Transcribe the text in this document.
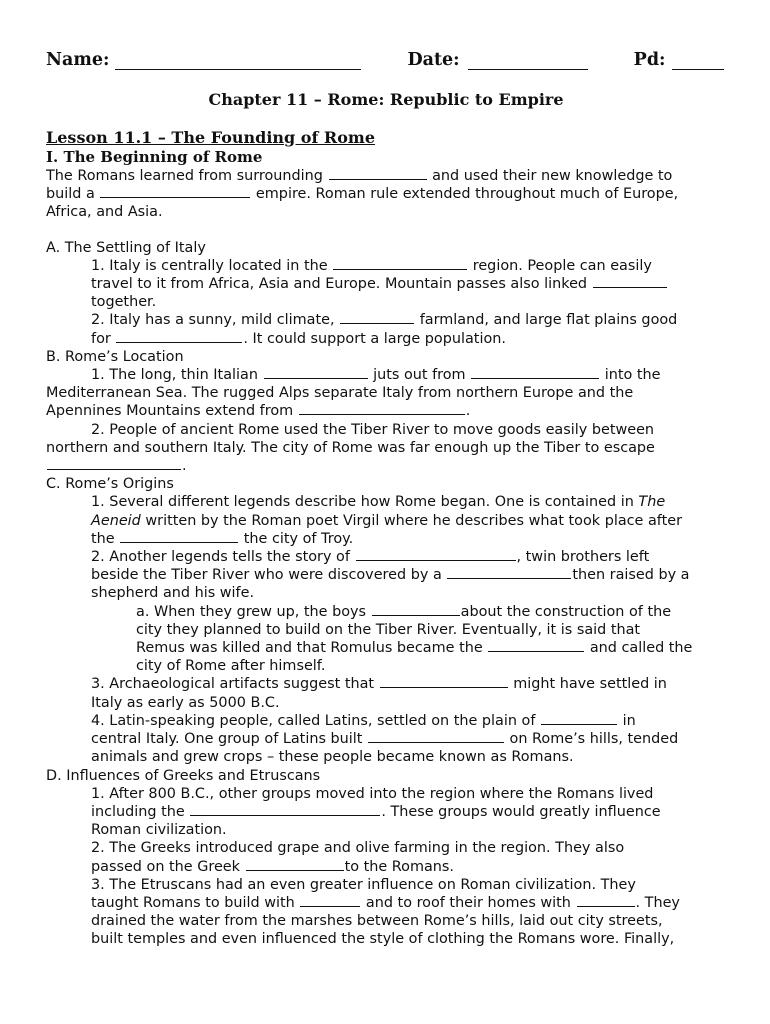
Name:	Date:	Pd:
Chapter 11 – Rome: Republic to Empire
Lesson 11.1 – The Founding of Rome
I. The Beginning of Rome

The Romans learned from surrounding	and used their new knowledge to

build a	empire. Roman rule extended throughout much of Europe,

Africa, and Asia.

A. The Settling of Italy

1. Italy is centrally located in the	region. People can easily

travel to it from Africa, Asia and Europe. Mountain passes also linked

together.

2. Italy has a sunny, mild climate,	farmland, and large flat plains good

for	. It could support a large population.

B. Rome’s Location

1. The long, thin Italian	juts out from	into the

Mediterranean Sea. The rugged Alps separate Italy from northern Europe and the

Apennines Mountains extend from	.

2. People of ancient Rome used the Tiber River to move goods easily between

northern and southern Italy. The city of Rome was far enough up the Tiber to escape

.

C. Rome’s Origins

1. Several different legends describe how Rome began. One is contained in The

Aeneid written by the Roman poet Virgil where he describes what took place after

the	the city of Troy.

2. Another legends tells the story of	, twin brothers left

beside the Tiber River who were discovered by a	then raised by a

shepherd and his wife.

a. When they grew up, the boys	about the construction of the

city they planned to build on the Tiber River. Eventually, it is said that

Remus was killed and that Romulus became the	and called the

city of Rome after himself.

3. Archaeological artifacts suggest that	might have settled in

Italy as early as 5000 B.C.

4. Latin-speaking people, called Latins, settled on the plain of	in

central Italy. One group of Latins built	on Rome’s hills, tended

animals and grew crops – these people became known as Romans.

D. Influences of Greeks and Etruscans

1. After 800 B.C., other groups moved into the region where the Romans lived

including the	. These groups would greatly influence

Roman civilization.

2. The Greeks introduced grape and olive farming in the region. They also

passed on the Greek	to the Romans.

3. The Etruscans had an even greater influence on Roman civilization. They

taught Romans to build with	and to roof their homes with	. They

drained the water from the marshes between Rome’s hills, laid out city streets,

built temples and even influenced the style of clothing the Romans wore. Finally,
